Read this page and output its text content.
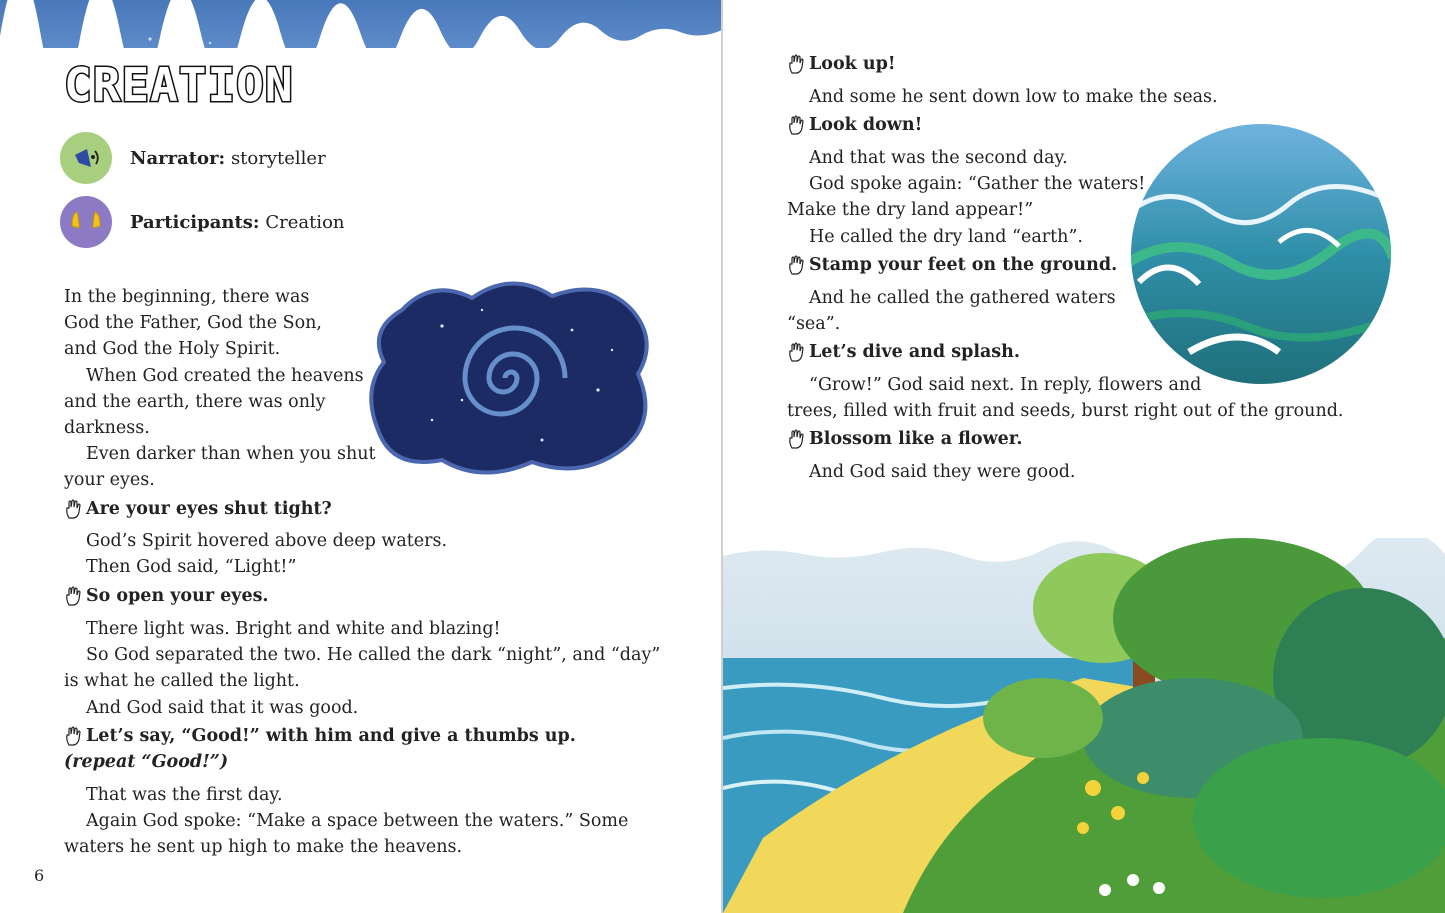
CREATION
Narrator: storyteller
Participants: Creation

In the beginning, there was
God the Father, God the Son,
and God the Holy Spirit.
When God created the heavens
and the earth, there was only
darkness.
Even darker than when you shut
your eyes.

Are your eyes shut tight?

God’s Spirit hovered above deep waters.
Then God said, “Light!”

So open your eyes.

There light was. Bright and white and blazing!
So God separated the two. He called the dark “night”, and “day”
is what he called the light.
And God said that it was good.

Let’s say, “Good!” with him and give a thumbs up.
(repeat “Good!”)

That was the first day.
Again God spoke: “Make a space between the waters.” Some
waters he sent up high to make the heavens.

6
Look up!

And some he sent down low to make the seas.

Look down!

And that was the second day.
God spoke again: “Gather the waters!
Make the dry land appear!”
He called the dry land “earth”.

Stamp your feet on the ground.

And he called the gathered waters
“sea”.

Let’s dive and splash.

“Grow!” God said next. In reply, flowers and
trees, filled with fruit and seeds, burst right out of the ground.

Blossom like a flower.

And God said they were good.
